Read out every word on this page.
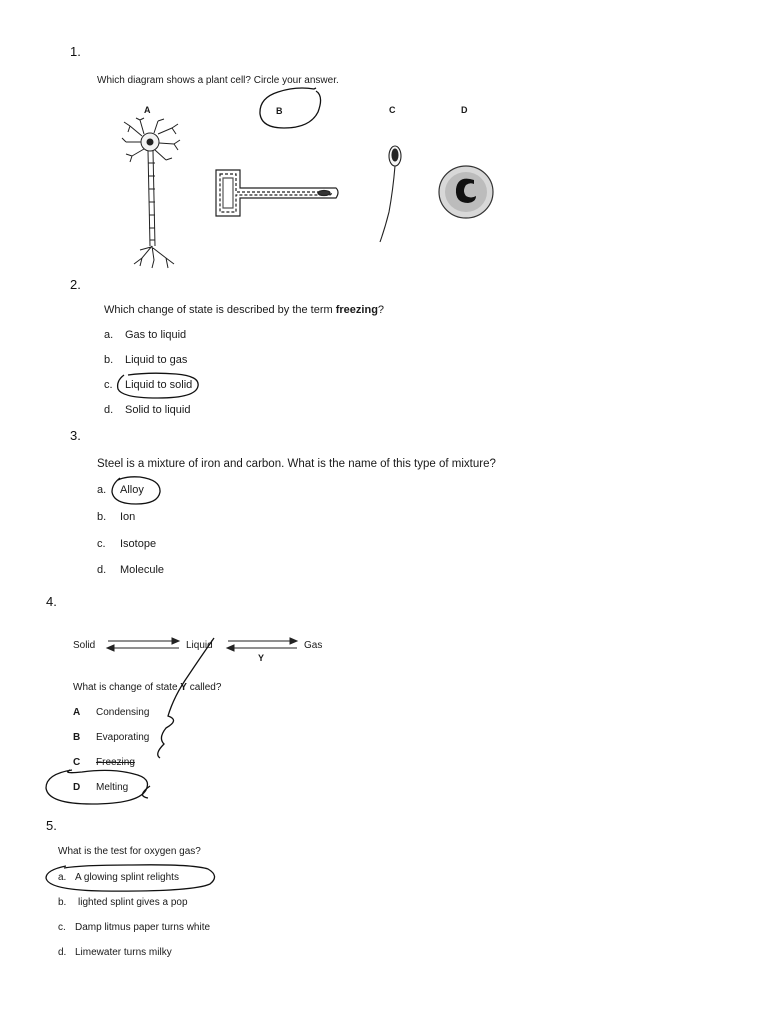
1.
Which diagram shows a plant cell? Circle your answer.
A	B	C	D
2.
Which change of state is described by the term freezing?
a. Gas to liquid
b. Liquid to gas
c. Liquid to solid
d. Solid to liquid
3.
Steel is a mixture of iron and carbon. What is the name of this type of mixture?
a. Alloy
b. Ion
c. Isotope
d. Molecule
4.
Solid	Liquid	Gas
Y
What is change of state Y called?
A Condensing
B Evaporating
C Freezing
D Melting
5.
What is the test for oxygen gas?
a. A glowing splint relights
b. lighted splint gives a pop
c. Damp litmus paper turns white
d. Limewater turns milky
